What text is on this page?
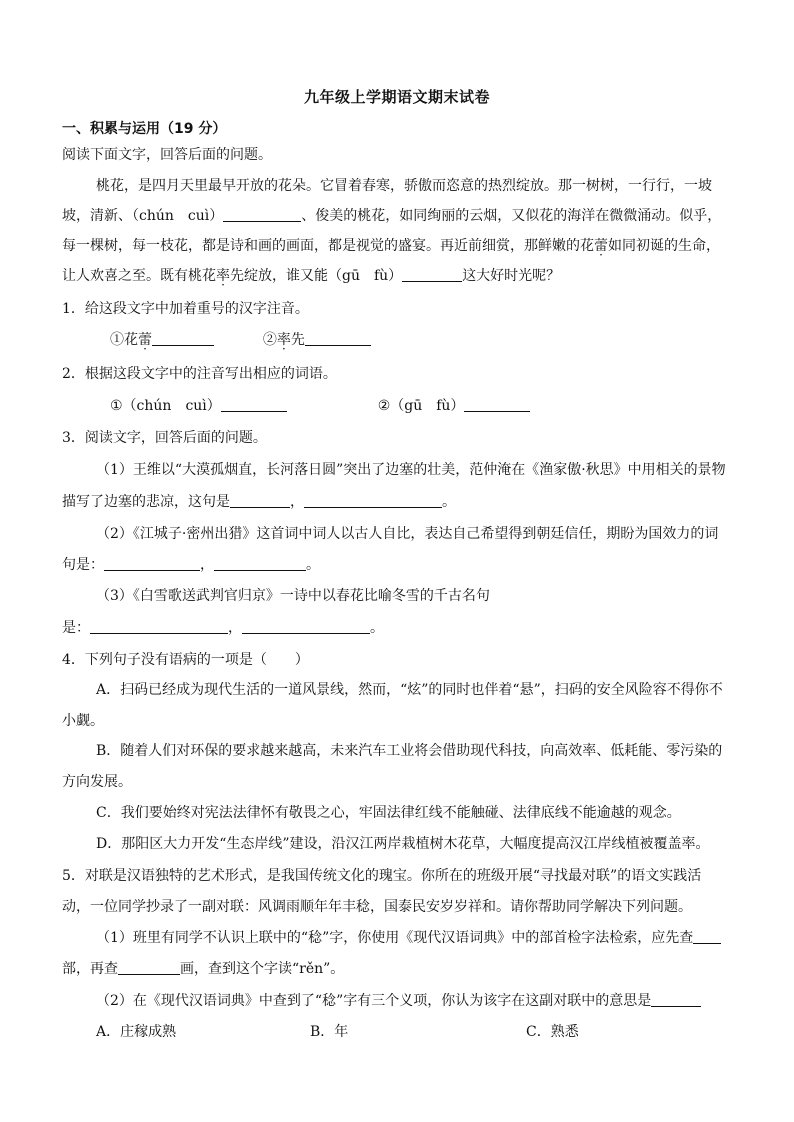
九年级上学期语文期末试卷
一、积累与运用（19 分）
阅读下面文字，回答后面的问题。
桃花，是四月天里最早开放的花朵。它冒着春寒，骄傲而恣意的热烈绽放。那一树树，一行行，一坡
坡，清新、（chún　cuì）	、俊美的桃花，如同绚丽的云烟，又似花的海洋在微微涌动。似乎，
每一棵树，每一枝花，都是诗和画的画面，都是视觉的盛宴。再近前细赏，那鲜嫩的花蕾如同初诞的生命，
让人欢喜之至。既有桃花率先绽放，谁又能（gū　fù）	这大好时光呢？
1．给这段文字中加着重号的汉字注音。
①花蕾	②率先
2．根据这段文字中的注音写出相应的词语。
①（chún　cuì）	②（gū　fù）
3．阅读文字，回答后面的问题。
（1）王维以“大漠孤烟直，长河落日圆”突出了边塞的壮美，范仲淹在《渔家傲·秋思》中用相关的景物
描写了边塞的悲凉，这句是	，	。
（2）《江城子·密州出猎》这首词中词人以古人自比，表达自己希望得到朝廷信任，期盼为国效力的词
句是：	，	。
（3）《白雪歌送武判官归京》一诗中以春花比喻冬雪的千古名句
是：	，	。
4．下列句子没有语病的一项是（　　）
A．扫码已经成为现代生活的一道风景线，然而，“炫”的同时也伴着“悬”，扫码的安全风险容不得你不
小觑。
B．随着人们对环保的要求越来越高，未来汽车工业将会借助现代科技，向高效率、低耗能、零污染的
方向发展。
C．我们要始终对宪法法律怀有敬畏之心，牢固法律红线不能触碰、法律底线不能逾越的观念。
D．那阳区大力开发“生态岸线”建设，沿汉江两岸栽植树木花草，大幅度提高汉江岸线植被覆盖率。
5．对联是汉语独特的艺术形式，是我国传统文化的瑰宝。你所在的班级开展“寻找最对联”的语文实践活
动，一位同学抄录了一副对联：风调雨顺年年丰稔，国泰民安岁岁祥和。请你帮助同学解决下列问题。
（1）班里有同学不认识上联中的“稔”字，你使用《现代汉语词典》中的部首检字法检索，应先查
部，再查	画，查到这个字读“rěn”。
（2）在《现代汉语词典》中查到了“稔”字有三个义项，你认为该字在这副对联中的意思是
A．庄稼成熟	B．年	C．熟悉
